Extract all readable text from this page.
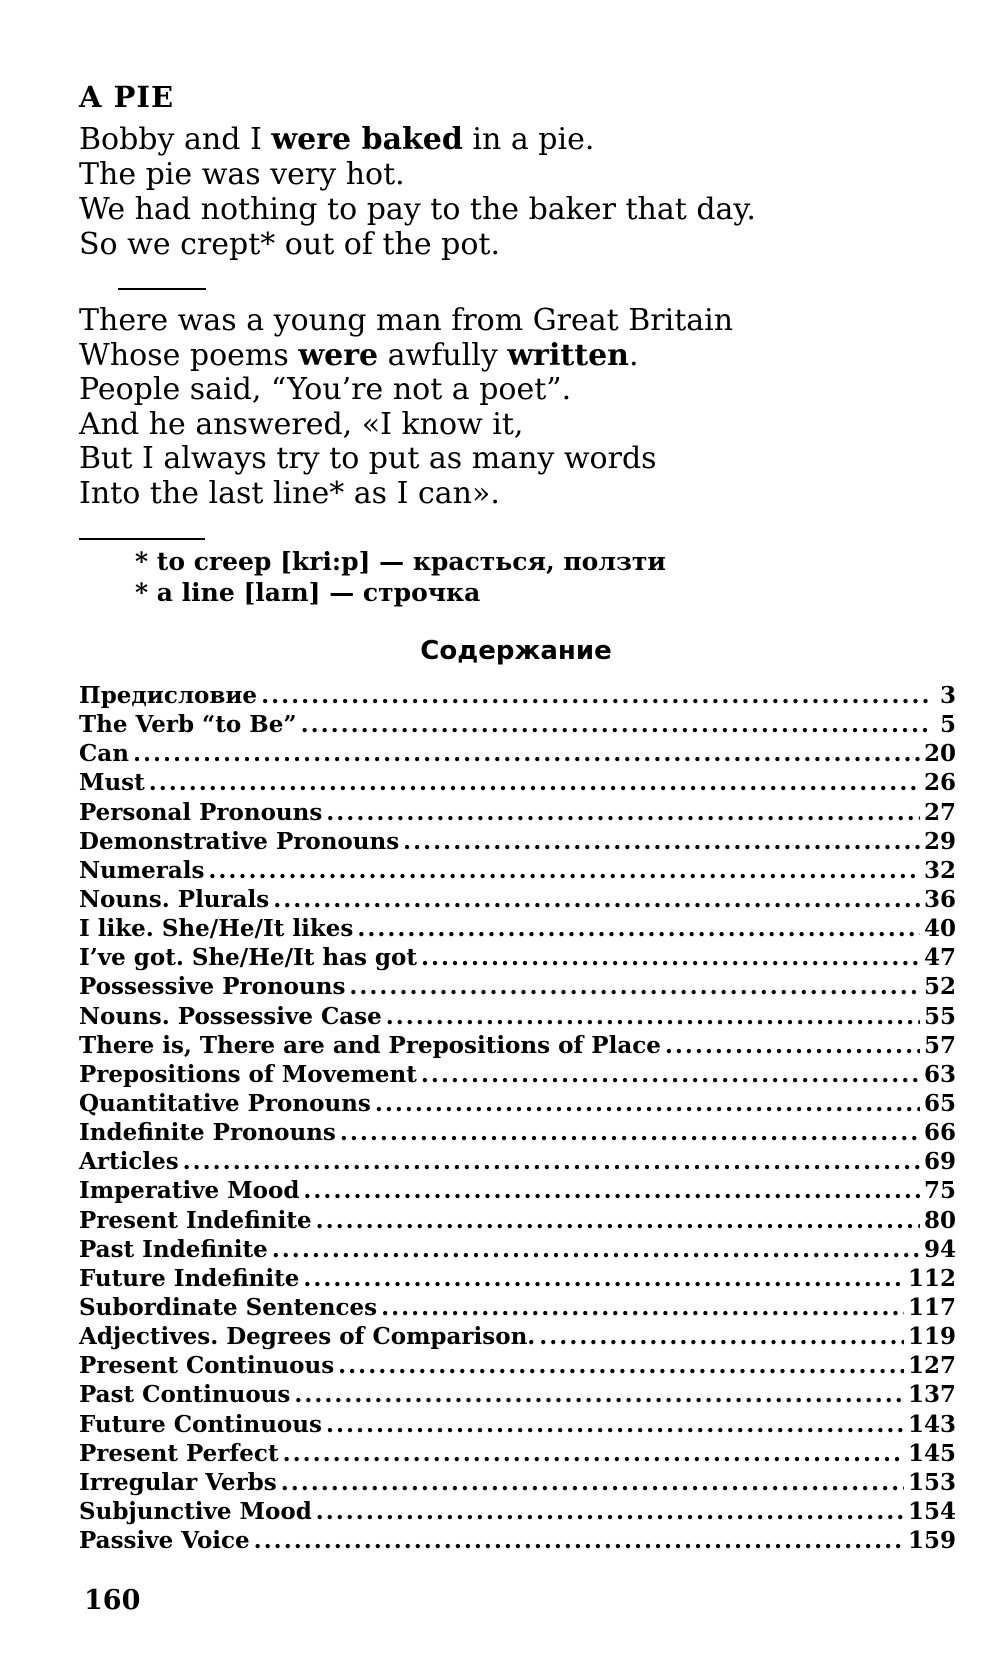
A PIE
Bobby and I were baked in a pie.
The pie was very hot.
We had nothing to pay to the baker that day.
So we crept* out of the pot.
There was a young man from Great Britain
Whose poems were awfully written.
People said, “You’re not a poet”.
And he answered, «I know it,
But I always try to put as many words
Into the last line* as I can».
* to creep [kri:p] — красться, ползти
* a line [laɪn] — строчка
Содержание
Предисловие .....	3
The Verb “to Be” .....	5
Can .....	20
Must .....	26
Personal Pronouns .....	27
Demonstrative Pronouns .....	29
Numerals .....	32
Nouns. Plurals .....	36
I like. She/He/It likes .....	40
I’ve got. She/He/It has got .....	47
Possessive Pronouns .....	52
Nouns. Possessive Case .....	55
There is, There are and Prepositions of Place .....	57
Prepositions of Movement .....	63
Quantitative Pronouns .....	65
Indefinite Pronouns .....	66
Articles .....	69
Imperative Mood .....	75
Present Indefinite .....	80
Past Indefinite .....	94
Future Indefinite .....	112
Subordinate Sentences .....	117
Adjectives. Degrees of Comparison. .....	119
Present Continuous .....	127
Past Continuous .....	137
Future Continuous .....	143
Present Perfect .....	145
Irregular Verbs .....	153
Subjunctive Mood .....	154
Passive Voice .....	159
160
